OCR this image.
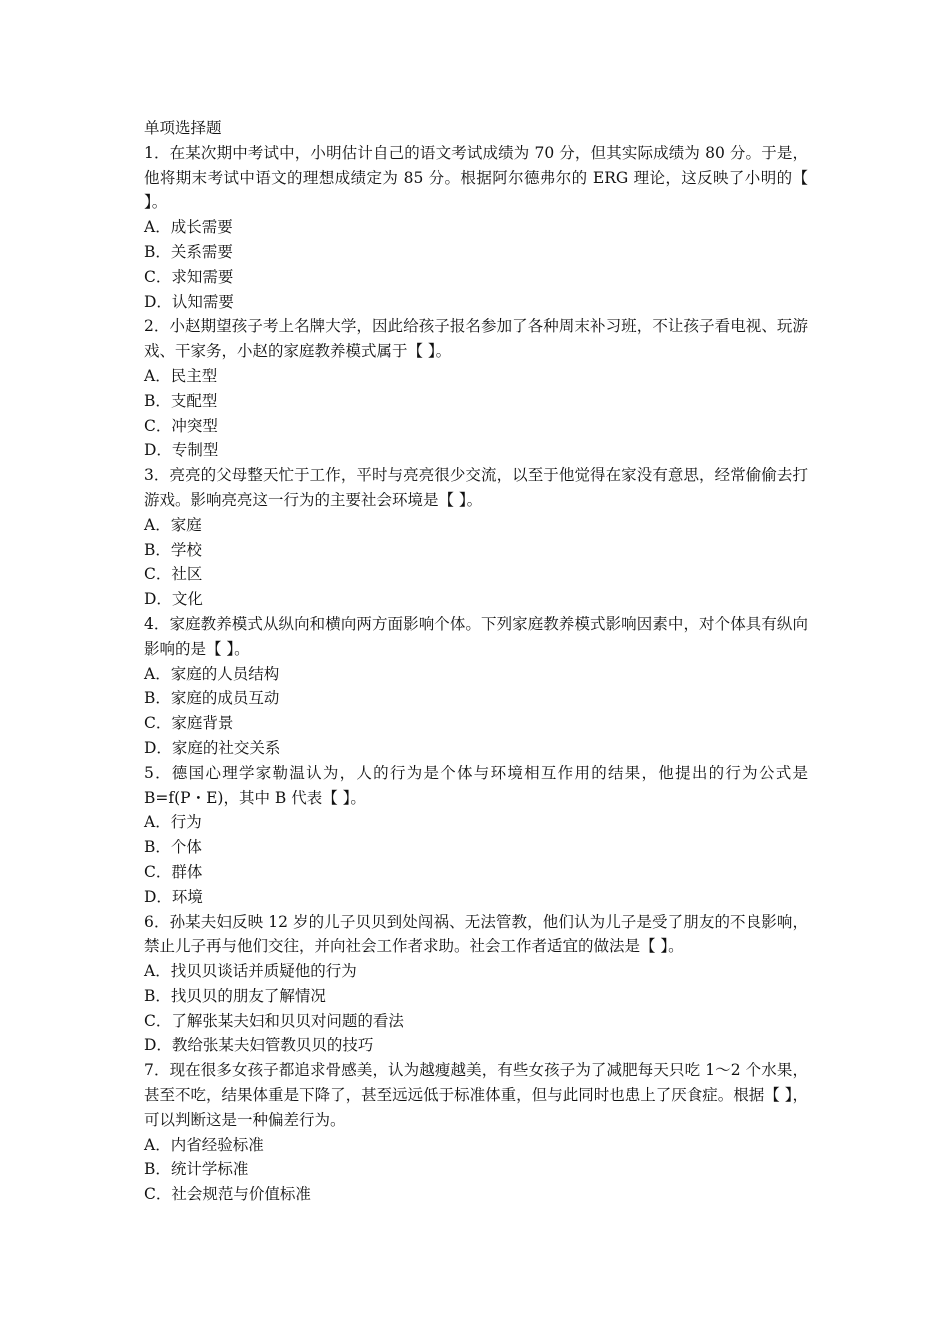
单项选择题

1．在某次期中考试中，小明估计自己的语文考试成绩为 70 分，但其实际成绩为 80 分。于是，他将期末考试中语文的理想成绩定为 85 分。根据阿尔德弗尔的 ERG 理论，这反映了小明的【 】。

A．成长需要
B．关系需要
C．求知需要
D．认知需要

2．小赵期望孩子考上名牌大学，因此给孩子报名参加了各种周末补习班，不让孩子看电视、玩游戏、干家务，小赵的家庭教养模式属于【 】。

A．民主型
B．支配型
C．冲突型
D．专制型

3．亮亮的父母整天忙于工作，平时与亮亮很少交流，以至于他觉得在家没有意思，经常偷偷去打游戏。影响亮亮这一行为的主要社会环境是【 】。

A．家庭
B．学校
C．社区
D．文化

4．家庭教养模式从纵向和横向两方面影响个体。下列家庭教养模式影响因素中，对个体具有纵向影响的是【 】。

A．家庭的人员结构
B．家庭的成员互动
C．家庭背景
D．家庭的社交关系

5．德国心理学家勒温认为，人的行为是个体与环境相互作用的结果，他提出的行为公式是 B=f(P・E)，其中 B 代表【 】。

A．行为
B．个体
C．群体
D．环境

6．孙某夫妇反映 12 岁的儿子贝贝到处闯祸、无法管教，他们认为儿子是受了朋友的不良影响，禁止儿子再与他们交往，并向社会工作者求助。社会工作者适宜的做法是【 】。

A．找贝贝谈话并质疑他的行为
B．找贝贝的朋友了解情况
C．了解张某夫妇和贝贝对问题的看法
D．教给张某夫妇管教贝贝的技巧

7．现在很多女孩子都追求骨感美，认为越瘦越美，有些女孩子为了减肥每天只吃 1～2 个水果，甚至不吃，结果体重是下降了，甚至远远低于标准体重，但与此同时也患上了厌食症。根据【 】，可以判断这是一种偏差行为。

A．内省经验标准
B．统计学标准
C．社会规范与价值标准
